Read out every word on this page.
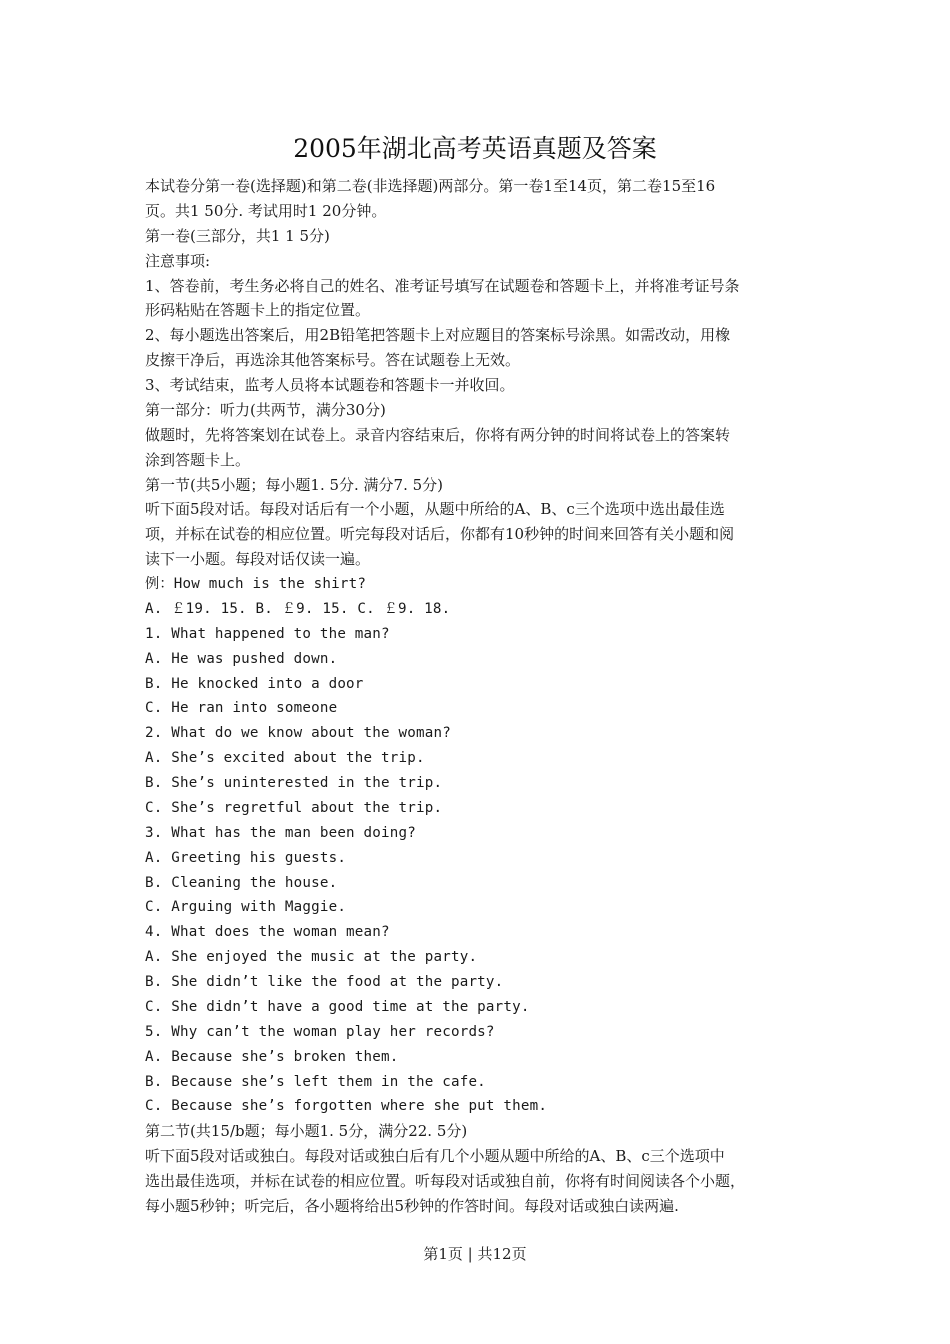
2005年湖北高考英语真题及答案
本试卷分第一卷(选择题)和第二卷(非选择题)两部分。第一卷1至14页，第二卷15至16
页。共1 50分. 考试用时1 20分钟。
第一卷(三部分，共1 1 5分)
注意事项:
1、答卷前，考生务必将自己的姓名、准考证号填写在试题卷和答题卡上，并将准考证号条
形码粘贴在答题卡上的指定位置。
2、每小题选出答案后，用2B铅笔把答题卡上对应题目的答案标号涂黑。如需改动，用橡
皮擦干净后，再选涂其他答案标号。答在试题卷上无效。
3、考试结束，监考人员将本试题卷和答题卡一并收回。
第一部分：听力(共两节，满分30分)
做题时，先将答案划在试卷上。录音内容结束后，你将有两分钟的时间将试卷上的答案转
涂到答题卡上。
第一节(共5小题；每小题1. 5分. 满分7. 5分)
听下面5段对话。每段对话后有一个小题，从题中所给的A、B、c三个选项中选出最佳选
项，并标在试卷的相应位置。听完每段对话后，你都有10秒钟的时间来回答有关小题和阅
读下一小题。每段对话仅读一遍。
例：How much is the shirt?
A. ￡19. 15. B. ￡9. 15. C. ￡9. 18.
1. What happened to the man?
A. He was pushed down.
B. He knocked into a door
C. He ran into someone
2. What do we know about the woman?
A. She’s excited about the trip.
B. She’s uninterested in the trip.
C. She’s regretful about the trip.
3. What has the man been doing?
A. Greeting his guests.
B. Cleaning the house.
C. Arguing with Maggie.
4. What does the woman mean?
A. She enjoyed the music at the party.
B. She didn’t like the food at the party.
C. She didn’t have a good time at the party.
5. Why can’t the woman play her records?
A. Because she’s broken them.
B. Because she’s left them in the cafe.
C. Because she’s forgotten where she put them.
第二节(共15/b题；每小题1. 5分，满分22. 5分)
听下面5段对话或独白。每段对话或独白后有几个小题从题中所给的A、B、c三个选项中
选出最佳选项，并标在试卷的相应位置。听每段对话或独自前，你将有时间阅读各个小题，
每小题5秒钟；听完后，各小题将给出5秒钟的作答时间。每段对话或独白读两遍.
第1页 | 共12页
